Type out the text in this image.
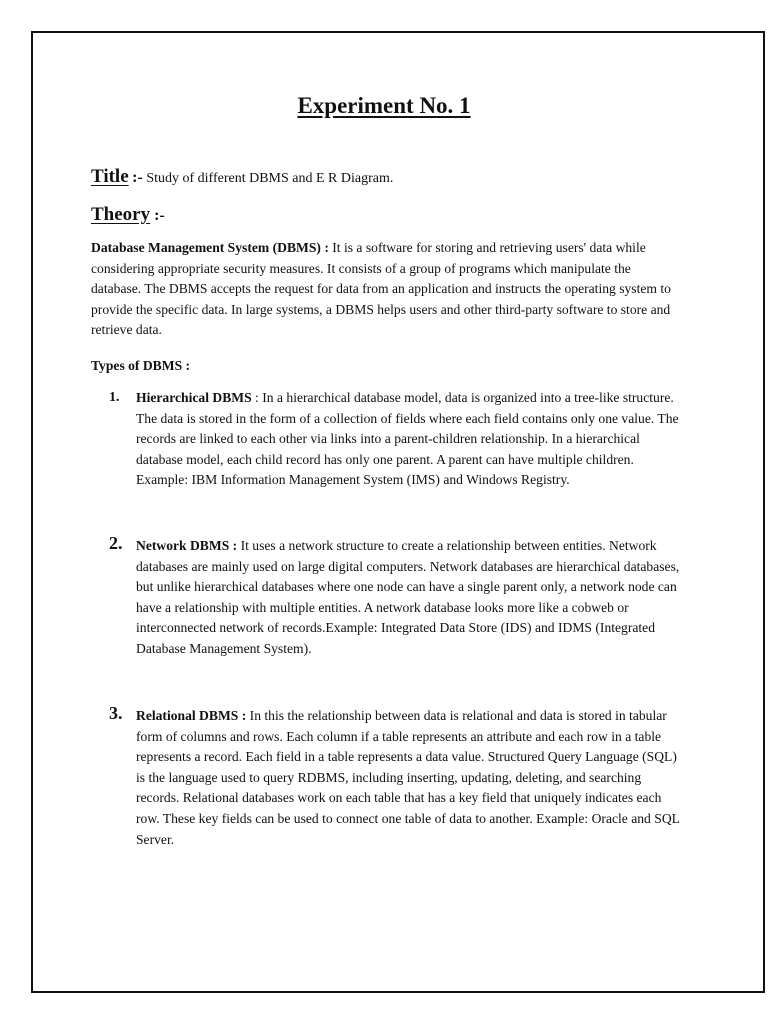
Experiment No. 1
Title :- Study of different DBMS and E R Diagram.
Theory :-
Database Management System (DBMS) : It is a software for storing and retrieving users' data while considering appropriate security measures. It consists of a group of programs which manipulate the database. The DBMS accepts the request for data from an application and instructs the operating system to provide the specific data. In large systems, a DBMS helps users and other third-party software to store and retrieve data.
Types of DBMS :
1. Hierarchical DBMS : In a hierarchical database model, data is organized into a tree-like structure. The data is stored in the form of a collection of fields where each field contains only one value. The records are linked to each other via links into a parent-children relationship. In a hierarchical database model, each child record has only one parent. A parent can have multiple children. Example: IBM Information Management System (IMS) and Windows Registry.
2. Network DBMS : It uses a network structure to create a relationship between entities. Network databases are mainly used on large digital computers. Network databases are hierarchical databases, but unlike hierarchical databases where one node can have a single parent only, a network node can have a relationship with multiple entities. A network database looks more like a cobweb or interconnected network of records.Example: Integrated Data Store (IDS) and IDMS (Integrated Database Management System).
3. Relational DBMS : In this the relationship between data is relational and data is stored in tabular form of columns and rows. Each column if a table represents an attribute and each row in a table represents a record. Each field in a table represents a data value. Structured Query Language (SQL) is the language used to query RDBMS, including inserting, updating, deleting, and searching records. Relational databases work on each table that has a key field that uniquely indicates each row. These key fields can be used to connect one table of data to another. Example: Oracle and SQL Server.
